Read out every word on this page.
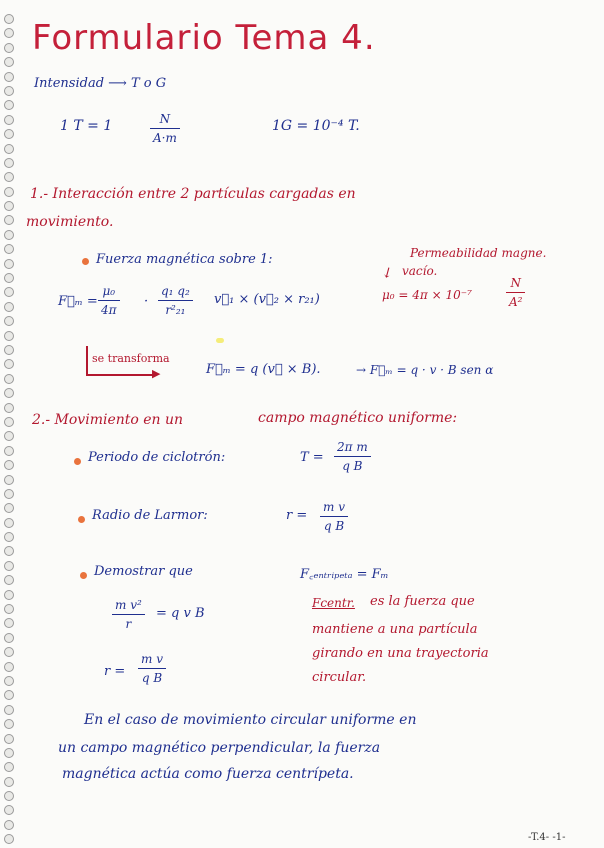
Formulario Tema 4.
Intensidad ⟶ T o G
1 T = 1	N
A·m
1G = 10⁻⁴ T.
1.- Interacción entre 2 partículas cargadas en
movimiento.
Fuerza magnética sobre 1:	Permeabilidad magne.
vacío.
↙
μ₀ = 4π × 10⁻⁷
N
A²
F⃗ₘ =
μ₀
4π
·
q₁ q₂
r²₂₁
v⃗₁ × (v⃗₂ × r₂₁)
▶
se transforma
F⃗ₘ = q (v⃗ × B).	→ F⃗ₘ = q · v · B sen α
2.- Movimiento en un	campo magnético uniforme:
Periodo de ciclotrón:	T =
2π m
q B
Radio de Larmor:	r =
m v
q B
Demostrar que	F꜀ₑₙₜᵣᵢₚₑₜₐ = Fₘ
m v²
r
= q v B
r =
m v
q B
Fcentr. es la fuerza que
mantiene a una partícula
girando en una trayectoria
circular.
En el caso de movimiento circular uniforme en
un campo magnético perpendicular, la fuerza
magnética actúa como fuerza centrípeta.
-T.4- -1-
